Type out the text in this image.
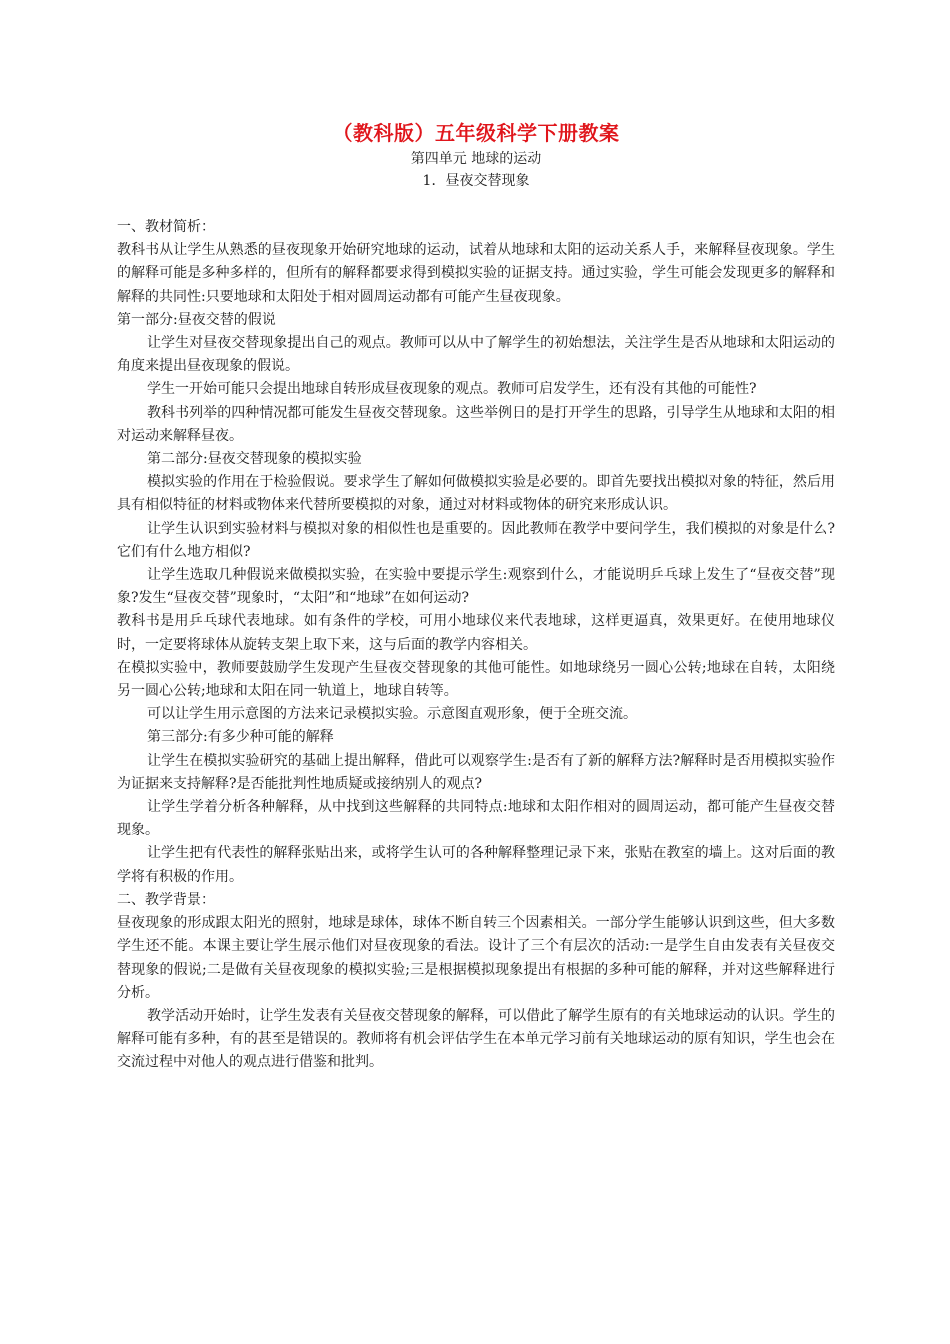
（教科版）五年级科学下册教案

第四单元 地球的运动

1．昼夜交替现象

一、教材简析：

教科书从让学生从熟悉的昼夜现象开始研究地球的运动，试着从地球和太阳的运动关系人手，来解释昼夜现象。学生的解释可能是多种多样的，但所有的解释都要求得到模拟实验的证据支持。通过实验，学生可能会发现更多的解释和解释的共同性:只要地球和太阳处于相对圆周运动都有可能产生昼夜现象。

第一部分:昼夜交替的假说

让学生对昼夜交替现象提出自己的观点。教师可以从中了解学生的初始想法，关注学生是否从地球和太阳运动的角度来提出昼夜现象的假说。

学生一开始可能只会提出地球自转形成昼夜现象的观点。教师可启发学生，还有没有其他的可能性?

教科书列举的四种情况都可能发生昼夜交替现象。这些举例日的是打开学生的思路，引导学生从地球和太阳的相对运动来解释昼夜。

第二部分:昼夜交替现象的模拟实验

模拟实验的作用在于检验假说。要求学生了解如何做模拟实验是必要的。即首先要找出模拟对象的特征，然后用具有相似特征的材料或物体来代替所要模拟的对象，通过对材料或物体的研究来形成认识。

让学生认识到实验材料与模拟对象的相似性也是重要的。因此教师在教学中要问学生，我们模拟的对象是什么?它们有什么地方相似?

让学生选取几种假说来做模拟实验，在实验中要提示学生:观察到什么，才能说明乒乓球上发生了“昼夜交替”现象?发生“昼夜交替”现象时，“太阳”和“地球”在如何运动?

教科书是用乒乓球代表地球。如有条件的学校，可用小地球仪来代表地球，这样更逼真，效果更好。在使用地球仪时，一定要将球体从旋转支架上取下来，这与后面的教学内容相关。

在模拟实验中，教师要鼓励学生发现产生昼夜交替现象的其他可能性。如地球绕另一圆心公转;地球在自转，太阳绕另一圆心公转;地球和太阳在同一轨道上，地球自转等。

可以让学生用示意图的方法来记录模拟实验。示意图直观形象，便于全班交流。

第三部分:有多少种可能的解释

让学生在模拟实验研究的基础上提出解释，借此可以观察学生:是否有了新的解释方法?解释时是否用模拟实验作为证据来支持解释?是否能批判性地质疑或接纳别人的观点?

让学生学着分析各种解释，从中找到这些解释的共同特点:地球和太阳作相对的圆周运动，都可能产生昼夜交替现象。

让学生把有代表性的解释张贴出来，或将学生认可的各种解释整理记录下来，张贴在教室的墙上。这对后面的教学将有积极的作用。

二、教学背景：

昼夜现象的形成跟太阳光的照射，地球是球体，球体不断自转三个因素相关。一部分学生能够认识到这些，但大多数学生还不能。本课主要让学生展示他们对昼夜现象的看法。设计了三个有层次的活动:一是学生自由发表有关昼夜交替现象的假说;二是做有关昼夜现象的模拟实验;三是根据模拟现象提出有根据的多种可能的解释，并对这些解释进行分析。

教学活动开始时，让学生发表有关昼夜交替现象的解释，可以借此了解学生原有的有关地球运动的认识。学生的解释可能有多种，有的甚至是错误的。教师将有机会评估学生在本单元学习前有关地球运动的原有知识，学生也会在交流过程中对他人的观点进行借鉴和批判。
